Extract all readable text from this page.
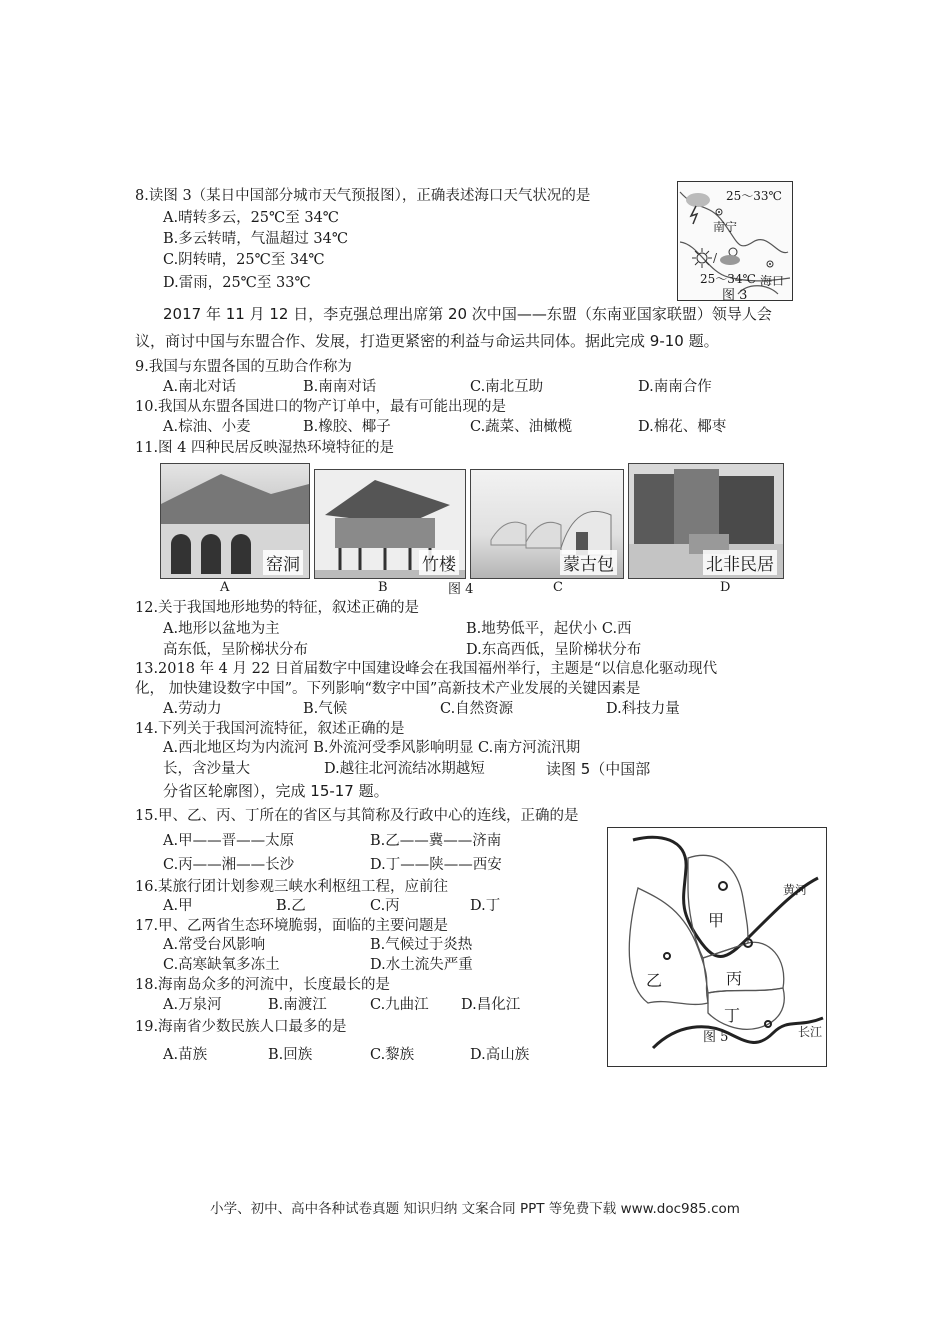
8.读图 3（某日中国部分城市天气预报图），正确表述海口天气状况的是
A.晴转多云，25℃至 34℃
B.多云转晴，气温超过 34℃
C.阴转晴，25℃至 34℃
D.雷雨，25℃至 33℃
/
25～33℃
南宁
25～34℃ 海口
图 3
2017 年 11 月 12 日，李克强总理出席第 20 次中国——东盟（东南亚国家联盟）领导人会
议，商讨中国与东盟合作、发展，打造更紧密的利益与命运共同体。据此完成 9-10 题。
9.我国与东盟各国的互助合作称为
A.南北对话	B.南南对话	C.南北互助	D.南南合作
10.我国从东盟各国进口的物产订单中，最有可能出现的是
A.棕油、小麦	B.橡胶、椰子	C.蔬菜、油橄榄	D.棉花、椰枣
11.图 4 四种民居反映湿热环境特征的是
窑洞	竹楼	蒙古包	北非民居
A	B	图 4	C	D
12.关于我国地形地势的特征，叙述正确的是
A.地形以盆地为主	B.地势低平，起伏小 C.西
高东低，呈阶梯状分布	D.东高西低，呈阶梯状分布
13.2018 年 4 月 22 日首届数字中国建设峰会在我国福州举行，主题是“以信息化驱动现代
化， 加快建设数字中国”。下列影响“数字中国”高新技术产业发展的关键因素是
A.劳动力	B.气候	C.自然资源	D.科技力量
14.下列关于我国河流特征，叙述正确的是
A.西北地区均为内流河 B.外流河受季风影响明显 C.南方河流汛期
长，含沙量大	D.越往北河流结冰期越短	读图 5（中国部
分省区轮廓图），完成 15-17 题。
15.甲、乙、丙、丁所在的省区与其简称及行政中心的连线，正确的是
A.甲——晋——太原	B.乙——冀——济南
C.丙——湘——长沙	D.丁——陕——西安
16.某旅行团计划参观三峡水利枢纽工程，应前往
A.甲	B.乙	C.丙	D.丁
17.甲、乙两省生态环境脆弱，面临的主要问题是
A.常受台风影响	B.气候过于炎热
C.高寒缺氧多冻土	D.水土流失严重
18.海南岛众多的河流中，长度最长的是
A.万泉河	B.南渡江	C.九曲江 D.昌化江
19.海南省少数民族人口最多的是
A.苗族	B.回族	C.黎族	D.高山族
甲
乙	丙
丁
黄河
长江
图 5
小学、初中、高中各种试卷真题 知识归纳 文案合同 PPT 等免费下载 www.doc985.com
